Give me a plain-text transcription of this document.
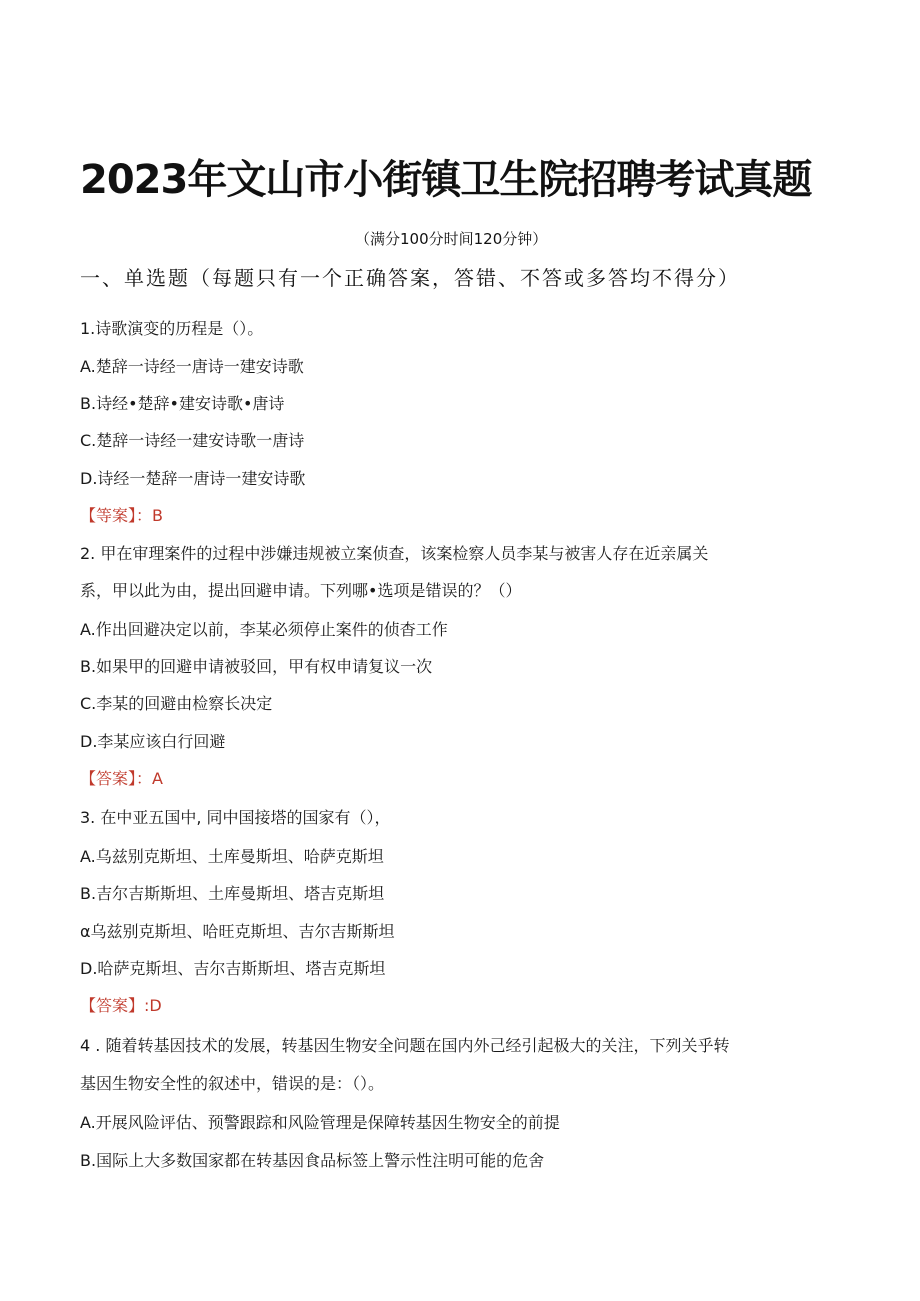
2023年文山市小街镇卫生院招聘考试真题
（满分100分时间120分钟）
一、单选题（每题只有一个正确答案，答错、不答或多答均不得分）
1.诗歌演变的历程是（）。
A.楚辞一诗经一唐诗一建安诗歌
B.诗经•楚辞•建安诗歌•唐诗
C.楚辞一诗经一建安诗歌一唐诗
D.诗经一楚辞一唐诗一建安诗歌
【等案】：B
2. 甲在审理案件的过程中涉嫌违规被立案侦查，该案检察人员李某与被害人存在近亲属关
系，甲以此为由，提出回避申请。下列哪•选项是错误的？（）
A.作出回避决定以前，李某必须停止案件的侦杳工作
B.如果甲的回避申请被驳回，甲有权申请复议一次
C.李某的回避由检察长决定
D.李某应该白行回避
【答案】：A
3. 在中亚五国中, 同中国接塔的国家有（），
A.乌兹别克斯坦、土库曼斯坦、哈萨克斯坦
B.吉尔吉斯斯坦、土库曼斯坦、塔吉克斯坦
α乌兹别克斯坦、哈旺克斯坦、吉尔吉斯斯坦
D.哈萨克斯坦、吉尔吉斯斯坦、塔吉克斯坦
【答案】:D
4 . 随着转基因技术的发展，转基因生物安全问题在国内外己经引起极大的关注，下列关乎转
基因生物安全性的叙述中，错误的是：（）。
A.开展风险评估、预警跟踪和风险管理是保障转基因生物安全的前提
B.国际上大多数国家都在转基因食品标签上警示性注明可能的危舍
